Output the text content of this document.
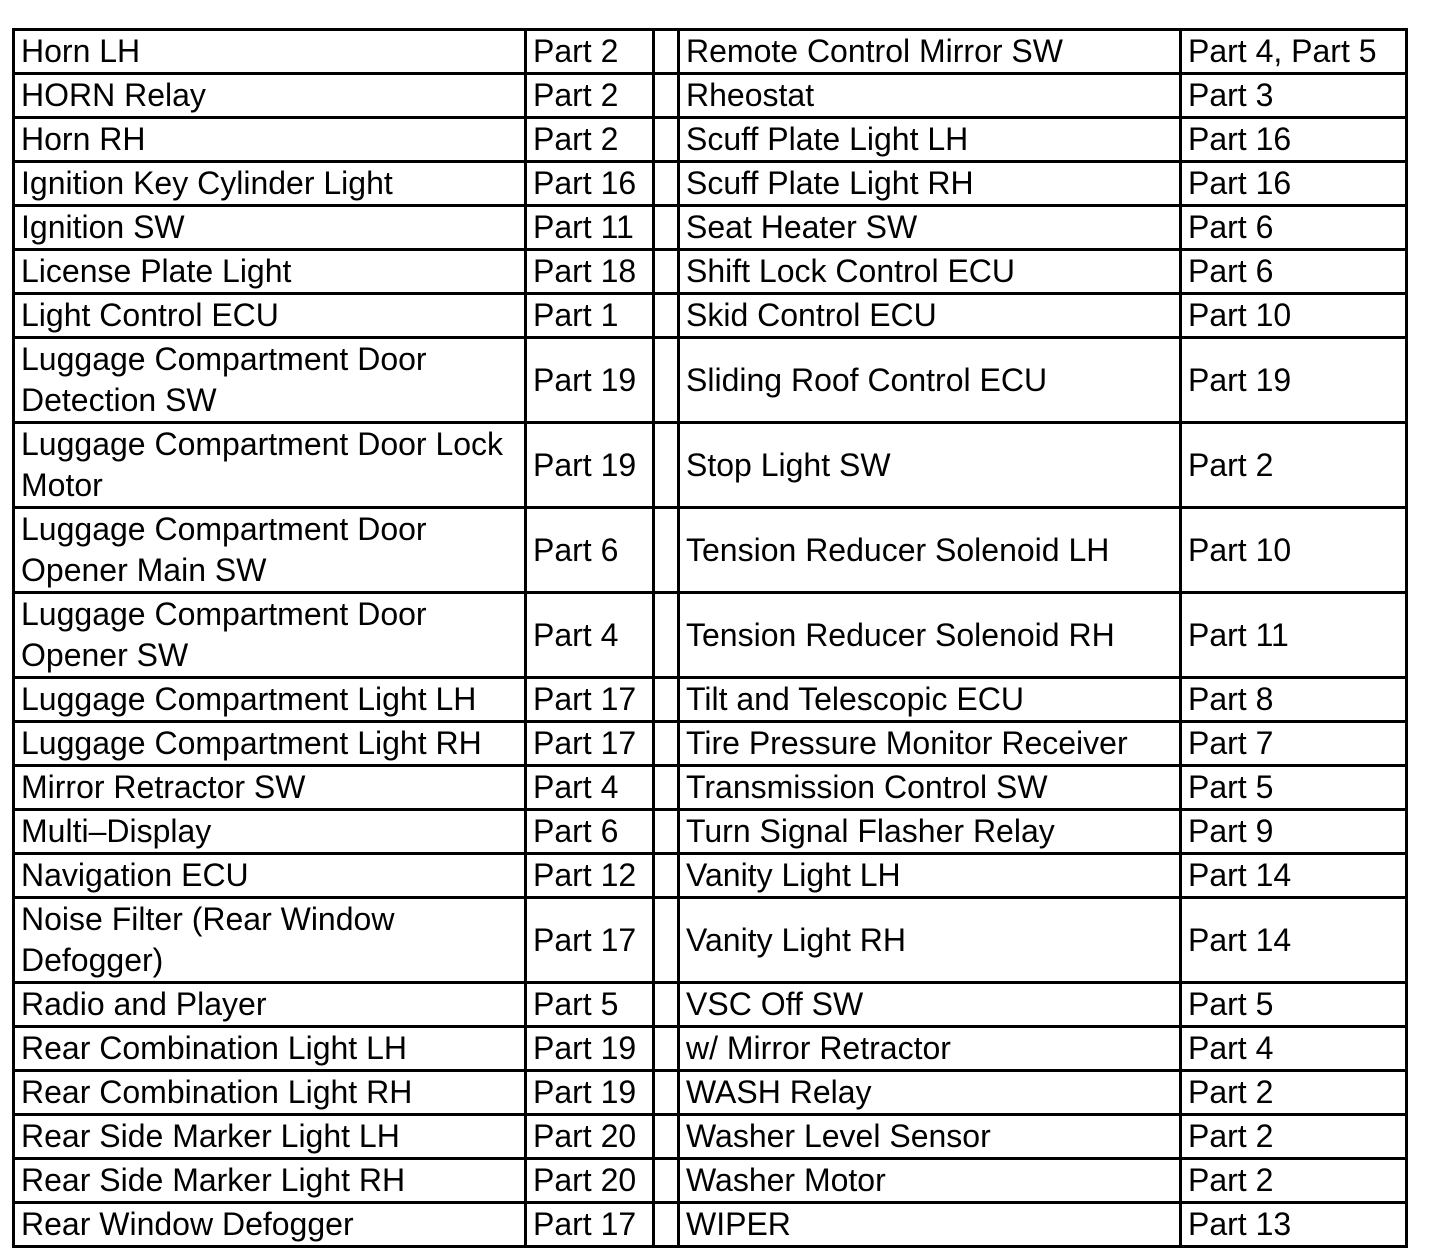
Horn LH	Part 2		Remote Control Mirror SW	Part 4, Part 5
HORN Relay	Part 2		Rheostat	Part 3
Horn RH	Part 2		Scuff Plate Light LH	Part 16
Ignition Key Cylinder Light	Part 16		Scuff Plate Light RH	Part 16
Ignition SW	Part 11		Seat Heater SW	Part 6
License Plate Light	Part 18		Shift Lock Control ECU	Part 6
Light Control ECU	Part 1		Skid Control ECU	Part 10
Luggage Compartment Door Detection SW	Part 19		Sliding Roof Control ECU	Part 19
Luggage Compartment Door Lock Motor	Part 19		Stop Light SW	Part 2
Luggage Compartment Door Opener Main SW	Part 6		Tension Reducer Solenoid LH	Part 10
Luggage Compartment Door Opener SW	Part 4		Tension Reducer Solenoid RH	Part 11
Luggage Compartment Light LH	Part 17		Tilt and Telescopic ECU	Part 8
Luggage Compartment Light RH	Part 17		Tire Pressure Monitor Receiver	Part 7
Mirror Retractor SW	Part 4		Transmission Control SW	Part 5
Multi–Display	Part 6		Turn Signal Flasher Relay	Part 9
Navigation ECU	Part 12		Vanity Light LH	Part 14
Noise Filter (Rear Window Defogger)	Part 17		Vanity Light RH	Part 14
Radio and Player	Part 5		VSC Off SW	Part 5
Rear Combination Light LH	Part 19		w/ Mirror Retractor	Part 4
Rear Combination Light RH	Part 19		WASH Relay	Part 2
Rear Side Marker Light LH	Part 20		Washer Level Sensor	Part 2
Rear Side Marker Light RH	Part 20		Washer Motor	Part 2
Rear Window Defogger	Part 17		WIPER	Part 13
